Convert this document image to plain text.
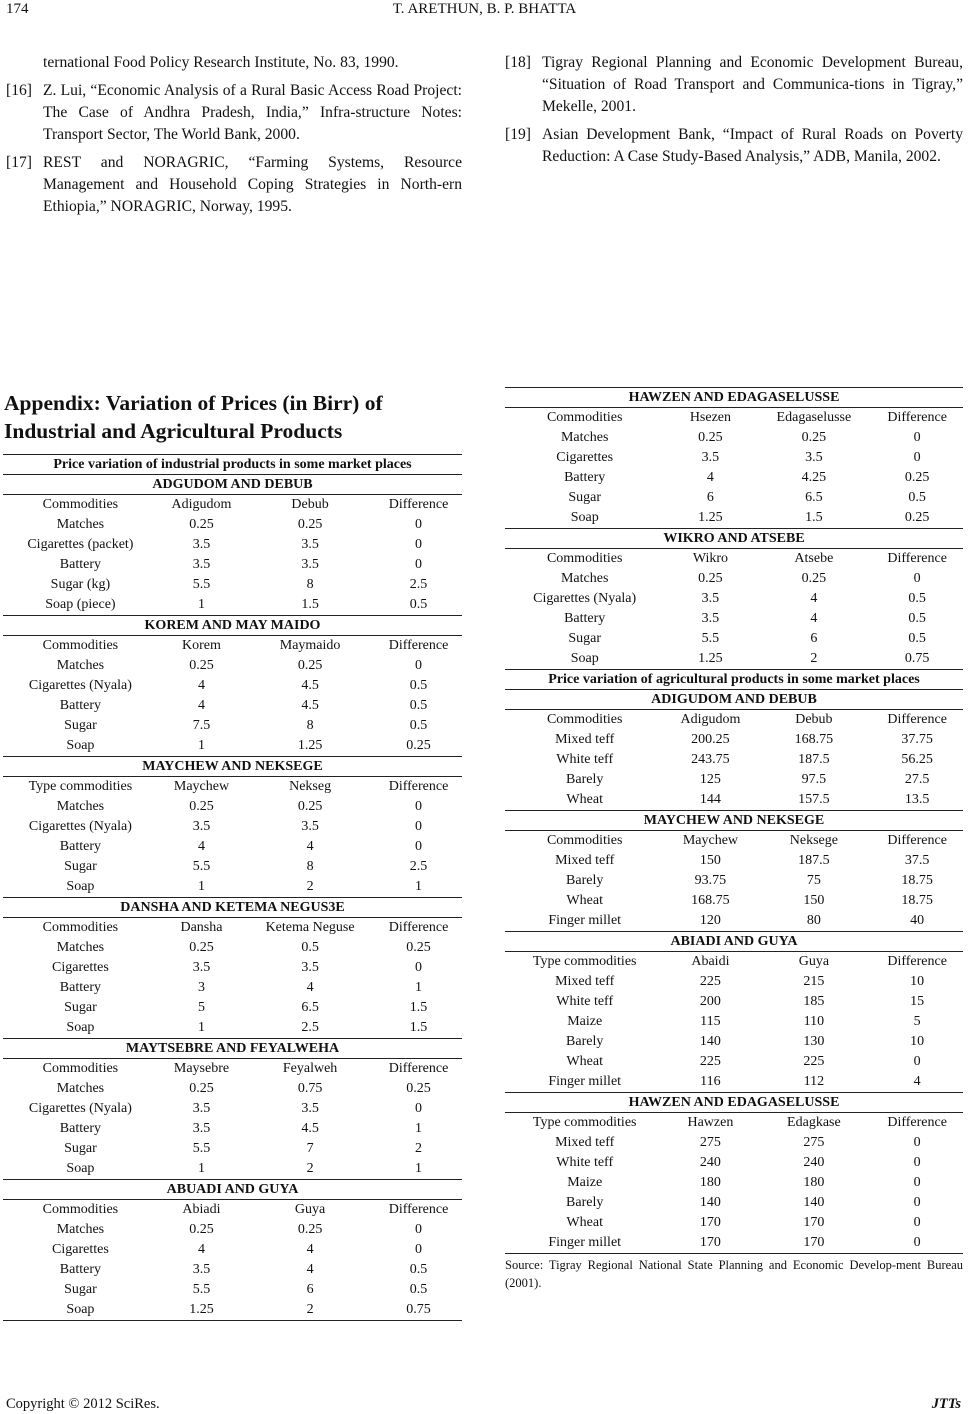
174	T. ARETHUN, B. P. BHATTA
ternational Food Policy Research Institute, No. 83, 1990.
[16] Z. Lui, “Economic Analysis of a Rural Basic Access Road Project: The Case of Andhra Pradesh, India,” Infra-structure Notes: Transport Sector, The World Bank, 2000.
[17] REST and NORAGRIC, “Farming Systems, Resource Management and Household Coping Strategies in North-ern Ethiopia,” NORAGRIC, Norway, 1995.
[18] Tigray Regional Planning and Economic Development Bureau, “Situation of Road Transport and Communica-tions in Tigray,” Mekelle, 2001.
[19] Asian Development Bank, “Impact of Rural Roads on Poverty Reduction: A Case Study-Based Analysis,” ADB, Manila, 2002.
Appendix: Variation of Prices (in Birr) of Industrial and Agricultural Products
Price variation of industrial products in some market places			
ADGUDOM AND DEBUB			
Commodities	Adigudom	Debub	Difference
Matches	0.25	0.25	0
Cigarettes (packet)	3.5	3.5	0
Battery	3.5	3.5	0
Sugar (kg)	5.5	8	2.5
Soap (piece)	1	1.5	0.5
KOREM AND MAY MAIDO			
Commodities	Korem	Maymaido	Difference
Matches	0.25	0.25	0
Cigarettes (Nyala)	4	4.5	0.5
Battery	4	4.5	0.5
Sugar	7.5	8	0.5
Soap	1	1.25	0.25
MAYCHEW AND NEKSEGE			
Type commodities	Maychew	Nekseg	Difference
Matches	0.25	0.25	0
Cigarettes (Nyala)	3.5	3.5	0
Battery	4	4	0
Sugar	5.5	8	2.5
Soap	1	2	1
DANSHA AND KETEMA NEGUS3E			
Commodities	Dansha	Ketema Neguse	Difference
Matches	0.25	0.5	0.25
Cigarettes	3.5	3.5	0
Battery	3	4	1
Sugar	5	6.5	1.5
Soap	1	2.5	1.5
MAYTSEBRE AND FEYALWEHA			
Commodities	Maysebre	Feyalweh	Difference
Matches	0.25	0.75	0.25
Cigarettes (Nyala)	3.5	3.5	0
Battery	3.5	4.5	1
Sugar	5.5	7	2
Soap	1	2	1
ABUADI AND GUYA			
Commodities	Abiadi	Guya	Difference
Matches	0.25	0.25	0
Cigarettes	4	4	0
Battery	3.5	4	0.5
Sugar	5.5	6	0.5
Soap	1.25	2	0.75
HAWZEN AND EDAGASELUSSE			
Commodities	Hsezen	Edagaselusse	Difference
Matches	0.25	0.25	0
Cigarettes	3.5	3.5	0
Battery	4	4.25	0.25
Sugar	6	6.5	0.5
Soap	1.25	1.5	0.25
WIKRO AND ATSEBE			
Commodities	Wikro	Atsebe	Difference
Matches	0.25	0.25	0
Cigarettes (Nyala)	3.5	4	0.5
Battery	3.5	4	0.5
Sugar	5.5	6	0.5
Soap	1.25	2	0.75
Price variation of agricultural products in some market places			
ADIGUDOM AND DEBUB			
Commodities	Adigudom	Debub	Difference
Mixed teff	200.25	168.75	37.75
White teff	243.75	187.5	56.25
Barely	125	97.5	27.5
Wheat	144	157.5	13.5
MAYCHEW AND NEKSEGE			
Commodities	Maychew	Neksege	Difference
Mixed teff	150	187.5	37.5
Barely	93.75	75	18.75
Wheat	168.75	150	18.75
Finger millet	120	80	40
ABIADI AND GUYA			
Type commodities	Abaidi	Guya	Difference
Mixed teff	225	215	10
White teff	200	185	15
Maize	115	110	5
Barely	140	130	10
Wheat	225	225	0
Finger millet	116	112	4
HAWZEN AND EDAGASELUSSE			
Type commodities	Hawzen	Edagkase	Difference
Mixed teff	275	275	0
White teff	240	240	0
Maize	180	180	0
Barely	140	140	0
Wheat	170	170	0
Finger millet	170	170	0
Source: Tigray Regional National State Planning and Economic Develop-ment Bureau (2001).
Copyright © 2012 SciRes.	JTTs
